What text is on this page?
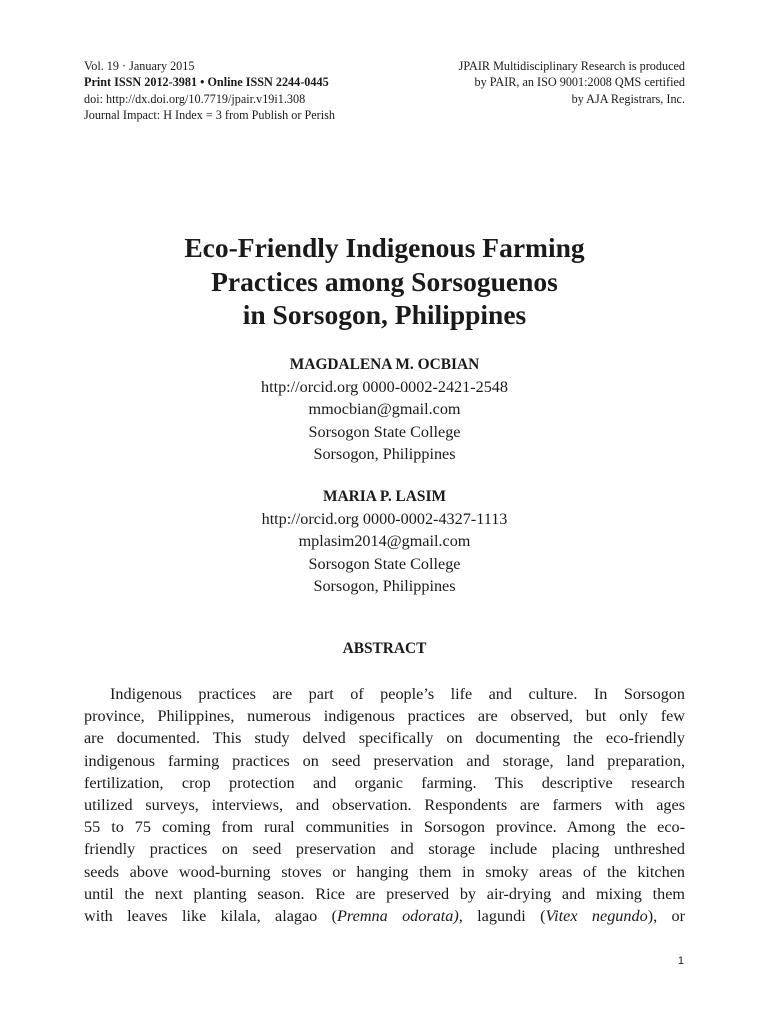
Vol. 19 · January 2015
Print ISSN 2012-3981 • Online ISSN 2244-0445
doi: http://dx.doi.org/10.7719/jpair.v19i1.308
Journal Impact: H Index = 3 from Publish or Perish
JPAIR Multidisciplinary Research is produced
by PAIR, an ISO 9001:2008 QMS certified
by AJA Registrars, Inc.
Eco-Friendly Indigenous Farming
Practices among Sorsoguenos
in Sorsogon, Philippines
MAGDALENA M. OCBIAN
http://orcid.org 0000-0002-2421-2548
mmocbian@gmail.com
Sorsogon State College
Sorsogon, Philippines
MARIA P. LASIM
http://orcid.org 0000-0002-4327-1113
mplasim2014@gmail.com
Sorsogon State College
Sorsogon, Philippines
ABSTRACT
Indigenous practices are part of people’s life and culture. In Sorsogon
province, Philippines, numerous indigenous practices are observed, but only few
are documented. This study delved specifically on documenting the eco-friendly
indigenous farming practices on seed preservation and storage, land preparation,
fertilization, crop protection and organic farming. This descriptive research
utilized surveys, interviews, and observation. Respondents are farmers with ages
55 to 75 coming from rural communities in Sorsogon province. Among the eco-
friendly practices on seed preservation and storage include placing unthreshed
seeds above wood-burning stoves or hanging them in smoky areas of the kitchen
until the next planting season. Rice are preserved by air-drying and mixing them
with leaves like kilala, alagao (Premna odorata), lagundi (Vitex negundo), or
1
